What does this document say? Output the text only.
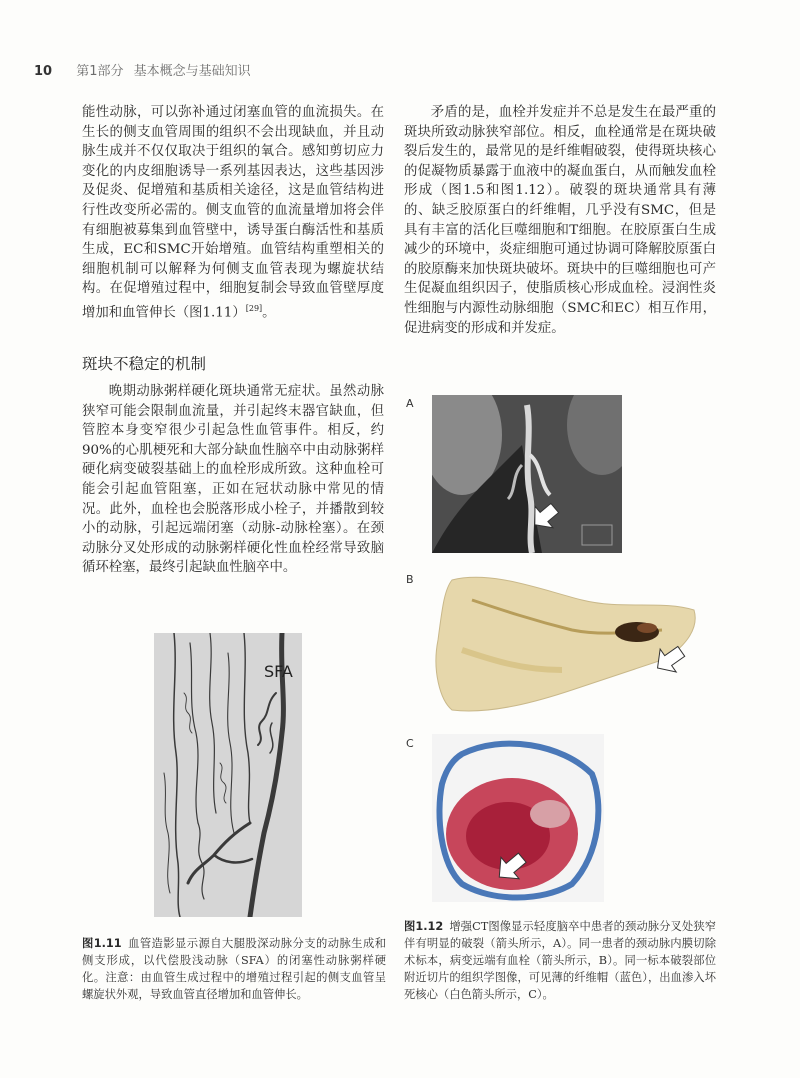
10 第1部分 基本概念与基础知识

能性动脉，可以弥补通过闭塞血管的血流损失。在生长的侧支血管周围的组织不会出现缺血，并且动脉生成并不仅仅取决于组织的氧合。感知剪切应力变化的内皮细胞诱导一系列基因表达，这些基因涉及促炎、促增殖和基质相关途径，这是血管结构进行性改变所必需的。侧支血管的血流量增加将会伴有细胞被募集到血管壁中，诱导蛋白酶活性和基质生成，EC和SMC开始增殖。血管结构重塑相关的细胞机制可以解释为何侧支血管表现为螺旋状结构。在促增殖过程中，细胞复制会导致血管壁厚度增加和血管伸长（图1.11）[29]。

斑块不稳定的机制

晚期动脉粥样硬化斑块通常无症状。虽然动脉狭窄可能会限制血流量，并引起终末器官缺血，但管腔本身变窄很少引起急性血管事件。相反，约90%的心肌梗死和大部分缺血性脑卒中由动脉粥样硬化病变破裂基础上的血栓形成所致。这种血栓可能会引起血管阻塞，正如在冠状动脉中常见的情况。此外，血栓也会脱落形成小栓子，并播散到较小的动脉，引起远端闭塞（动脉-动脉栓塞）。在颈动脉分叉处形成的动脉粥样硬化性血栓经常导致脑循环栓塞，最终引起缺血性脑卒中。

矛盾的是，血栓并发症并不总是发生在最严重的斑块所致动脉狭窄部位。相反，血栓通常是在斑块破裂后发生的，最常见的是纤维帽破裂，使得斑块核心的促凝物质暴露于血液中的凝血蛋白，从而触发血栓形成（图1.5和图1.12）。破裂的斑块通常具有薄的、缺乏胶原蛋白的纤维帽，几乎没有SMC，但是具有丰富的活化巨噬细胞和T细胞。在胶原蛋白生成减少的环境中，炎症细胞可通过协调可降解胶原蛋白的胶原酶来加快斑块破坏。斑块中的巨噬细胞也可产生促凝血组织因子，使脂质核心形成血栓。浸润性炎性细胞与内源性动脉细胞（SMC和EC）相互作用，促进病变的形成和并发症。

SFA
A
B
C
图1.11 血管造影显示源自大腿股深动脉分支的动脉生成和侧支形成，以代偿股浅动脉（SFA）的闭塞性动脉粥样硬化。注意：由血管生成过程中的增殖过程引起的侧支血管呈螺旋状外观，导致血管直径增加和血管伸长。
图1.12 增强CT图像显示轻度脑卒中患者的颈动脉分叉处狭窄伴有明显的破裂（箭头所示，A）。同一患者的颈动脉内膜切除术标本，病变远端有血栓（箭头所示，B）。同一标本破裂部位附近切片的组织学图像，可见薄的纤维帽（蓝色），出血渗入坏死核心（白色箭头所示，C）。
